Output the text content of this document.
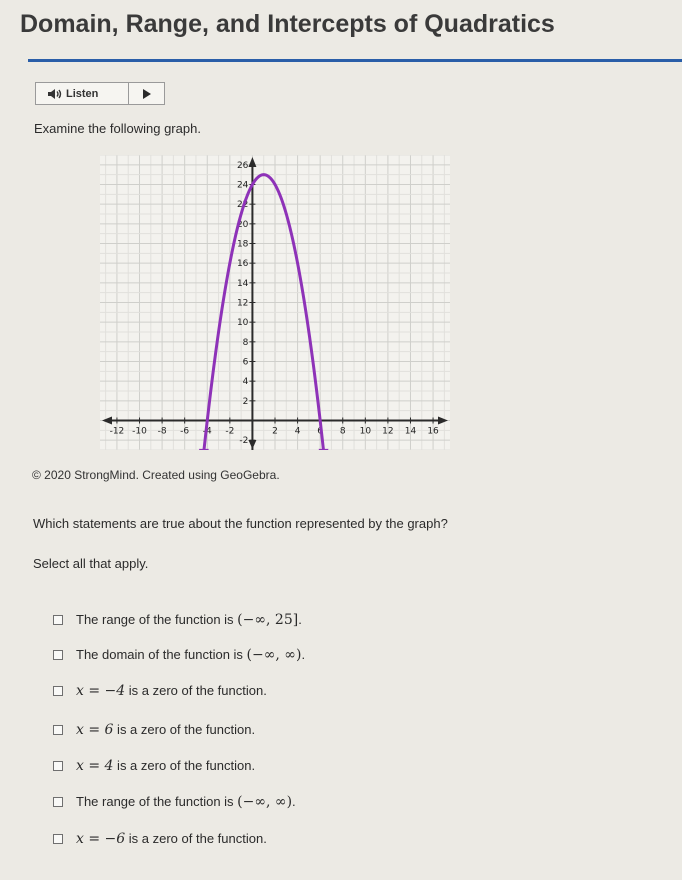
Domain, Range, and Intercepts of Quadratics
Listen

Examine the following graph.

-12 -10 -8 -6 -4 -2	2 4 6 8 10 12 14 16
-2
2
4
6
8
10
12
14
16
18
20
22
24
26
© 2020 StrongMind. Created using GeoGebra.
Which statements are true about the function represented by the graph?
Select all that apply.
The range of the function is (−∞, 25].
The domain of the function is (−∞, ∞).
x = −4 is a zero of the function.
x = 6 is a zero of the function.
x = 4 is a zero of the function.
The range of the function is (−∞, ∞).
x = −6 is a zero of the function.
